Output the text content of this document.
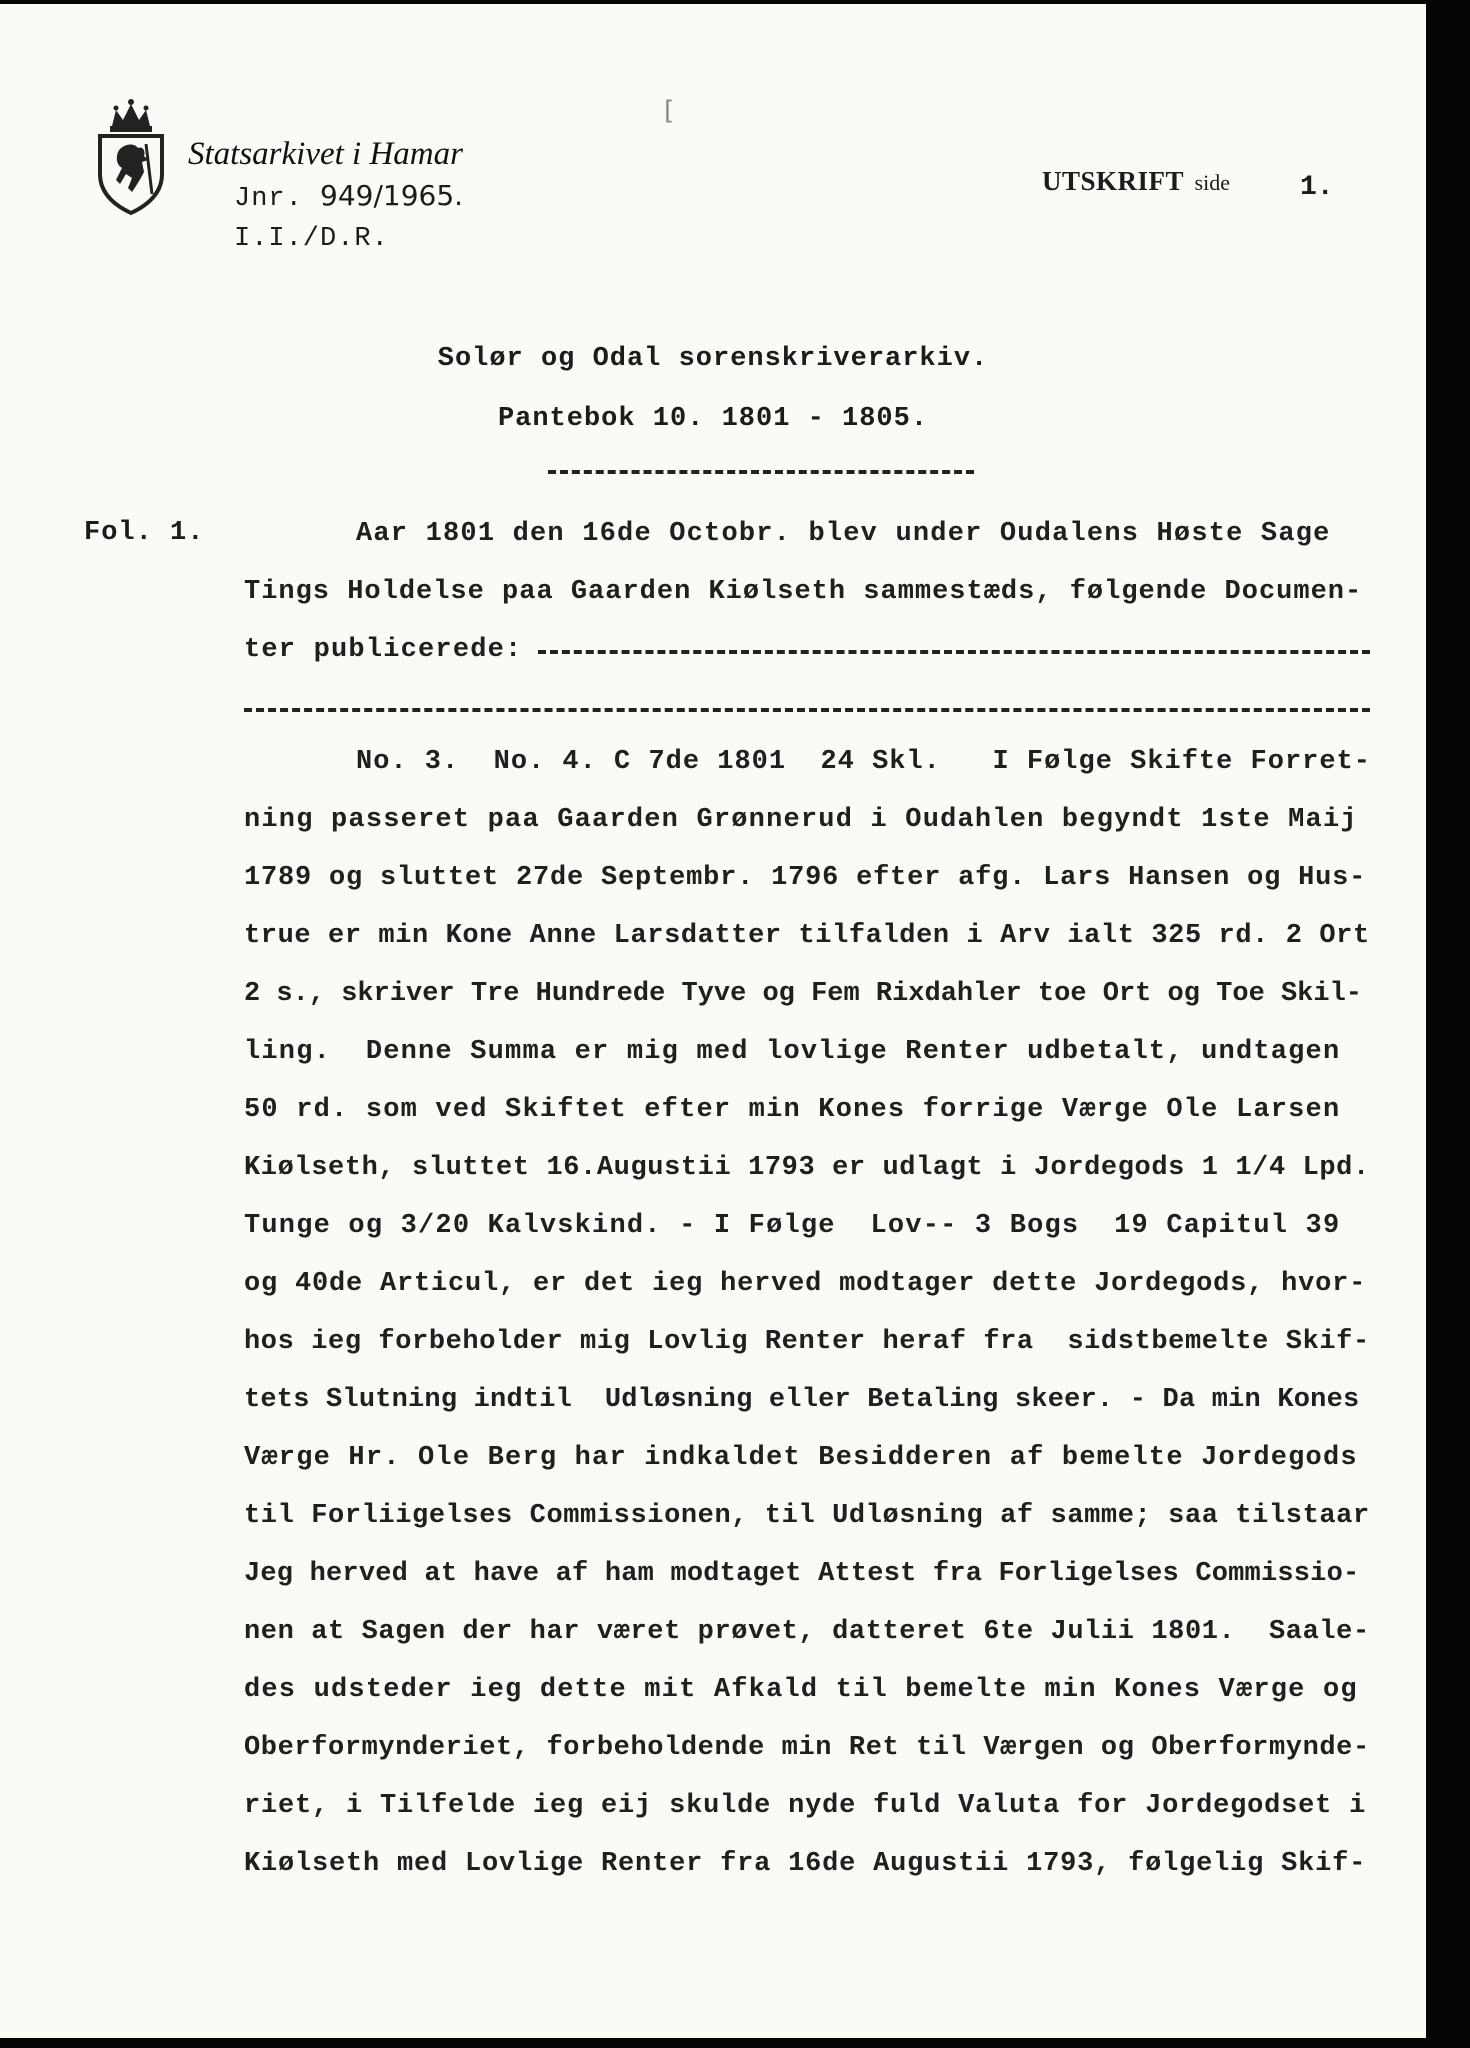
Statsarkivet i Hamar
Jnr. 949/1965.
I.I./D.R.
[
UTSKRIFT side	1.
Solør og Odal sorenskriverarkiv.
Pantebok 10. 1801 - 1805.
Fol. 1.	Aar 1801 den 16de Octobr. blev under Oudalens Høste Sage
Tings Holdelse paa Gaarden Kiølseth sammestæds, følgende Documen-
ter publicerede:
No. 3.  No. 4. C 7de 1801  24 Skl.   I Følge Skifte Forret-
ning passeret paa Gaarden Grønnerud i Oudahlen begyndt 1ste Maij
1789 og sluttet 27de Septembr. 1796 efter afg. Lars Hansen og Hus-
true er min Kone Anne Larsdatter tilfalden i Arv ialt 325 rd. 2 Ort
2 s., skriver Tre Hundrede Tyve og Fem Rixdahler toe Ort og Toe Skil-
ling.  Denne Summa er mig med lovlige Renter udbetalt, undtagen
50 rd. som ved Skiftet efter min Kones forrige Værge Ole Larsen
Kiølseth, sluttet 16.Augustii 1793 er udlagt i Jordegods 1 1/4 Lpd.
Tunge og 3/20 Kalvskind. - I Følge  Lov-- 3 Bogs  19 Capitul 39
og 40de Articul, er det ieg herved modtager dette Jordegods, hvor-
hos ieg forbeholder mig Lovlig Renter heraf fra  sidstbemelte Skif-
tets Slutning indtil  Udløsning eller Betaling skeer. - Da min Kones
Værge Hr. Ole Berg har indkaldet Besidderen af bemelte Jordegods
til Forliigelses Commissionen, til Udløsning af samme; saa tilstaar
Jeg herved at have af ham modtaget Attest fra Forligelses Commissio-
nen at Sagen der har været prøvet, datteret 6te Julii 1801.  Saale-
des udsteder ieg dette mit Afkald til bemelte min Kones Værge og
Oberformynderiet, forbeholdende min Ret til Værgen og Oberformynde-
riet, i Tilfelde ieg eij skulde nyde fuld Valuta for Jordegodset i
Kiølseth med Lovlige Renter fra 16de Augustii 1793, følgelig Skif-
